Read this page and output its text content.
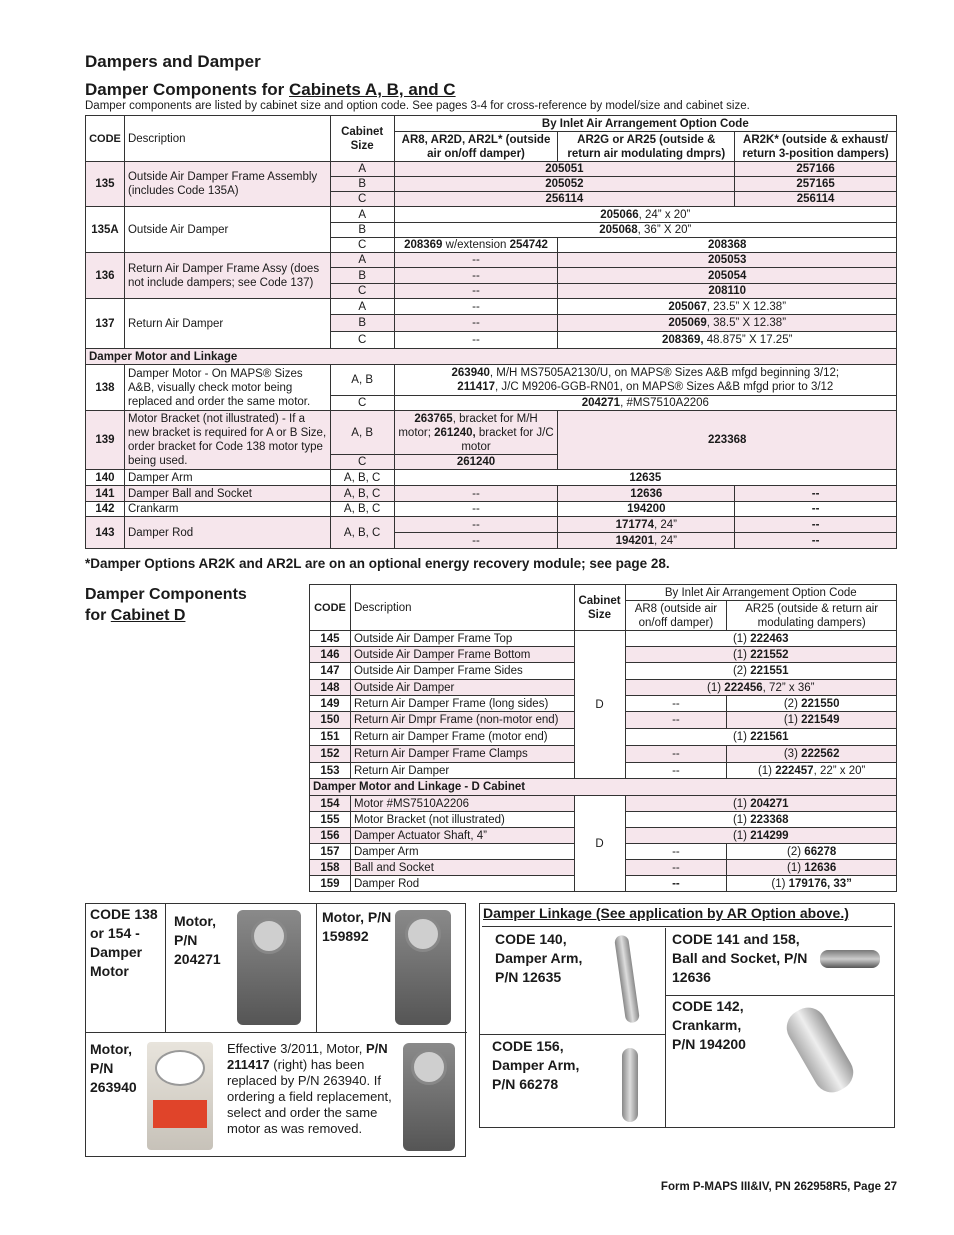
Dampers and Damper
Damper Components for Cabinets A, B, and C
Damper components are listed by cabinet size and option code. See pages 3-4 for cross-reference by model/size and cabinet size.
CODE	Description	Cabinet Size	By Inlet Air Arrangement Option Code		
			AR8, AR2D, AR2L* (outside air on/off damper)	AR2G or AR25 (outside & return air modulating dmprs)	AR2K* (outside & exhaust/ return 3-position dampers)
135	Outside Air Damper Frame Assembly (includes Code 135A)	A	205051		257166
		B	205052		257165
		C	256114		256114
135A	Outside Air Damper	A	205066, 24” x 20”		
		B	205068, 36” X 20”		
		C	208369 w/extension 254742	208368	
136	Return Air Damper Frame Assy (does not include dampers; see Code 137)	A	--	205053	
		B	--	205054	
		C	--	208110	
137	Return Air Damper	A	--	205067, 23.5” X 12.38”	
		B	--	205069, 38.5” X 12.38”	
		C	--	208369, 48.875” X 17.25”	
Damper Motor and Linkage					
138	Damper Motor - On MAPS® Sizes A&B, visually check motor being replaced and order the same motor.	A, B	263940, M/H MS7505A2130/U, on MAPS® Sizes A&B mfgd beginning 3/12;
211417, J/C M9206-GGB-RN01, on MAPS® Sizes A&B mfgd prior to 3/12		
		C	204271, #MS7510A2206		
139	Motor Bracket (not illustrated) - If a new bracket is required for A or B Size, order bracket for Code 138 motor type being used.	A, B	263765, bracket for M/H motor; 261240, bracket for J/C motor	223368	
		C	261240		
140	Damper Arm	A, B, C	12635		
141	Damper Ball and Socket	A, B, C	--	12636	--
142	Crankarm	A, B, C	--	194200	--
143	Damper Rod	A, B, C	--	171774, 24”	--
			--	194201, 24”	--
*Damper Options AR2K and AR2L are on an optional energy recovery module; see page 28.
Damper Components
for Cabinet D	CODE	Description	Cabinet Size	By Inlet Air Arrangement Option Code	
			AR8 (outside air on/off damper)	AR25 (outside & return air modulating dampers)
145	Outside Air Damper Frame Top	D	(1) 222463	
146	Outside Air Damper Frame Bottom		(1) 221552	
147	Outside Air Damper Frame Sides		(2) 221551	
148	Outside Air Damper		(1) 222456, 72” x 36”	
149	Return Air Damper Frame (long sides)		--	(2) 221550
150	Return Air Dmpr Frame (non-motor end)		--	(1) 221549
151	Return air Damper Frame (motor end)		(1) 221561	
152	Return Air Damper Frame Clamps		--	(3) 222562
153	Return Air Damper		--	(1) 222457, 22” x 20”
Damper Motor and Linkage - D Cabinet				
154	Motor #MS7510A2206	D	(1) 204271	
155	Motor Bracket (not illustrated)		(1) 223368	
156	Damper Actuator Shaft, 4”		(1) 214299	
157	Damper Arm		--	(2) 66278
158	Ball and Socket		--	(1) 12636
159	Damper Rod		--	(1) 179176, 33”
CODE 138 or 154 - Damper Motor
Motor, P/N 204271
Motor, P/N 159892
Motor, P/N 263940
Effective 3/2011, Motor, P/N 211417 (right) has been replaced by P/N 263940. If ordering a field replacement, select and order the same motor as was removed.
Damper Linkage (See application by AR Option above.)
CODE 140, Damper Arm, P/N 12635
CODE 141 and 158, Ball and Socket, P/N 12636
CODE 142, Crankarm, P/N 194200
CODE 156, Damper Arm, P/N 66278
Form P-MAPS III&IV, PN 262958R5, Page 27
